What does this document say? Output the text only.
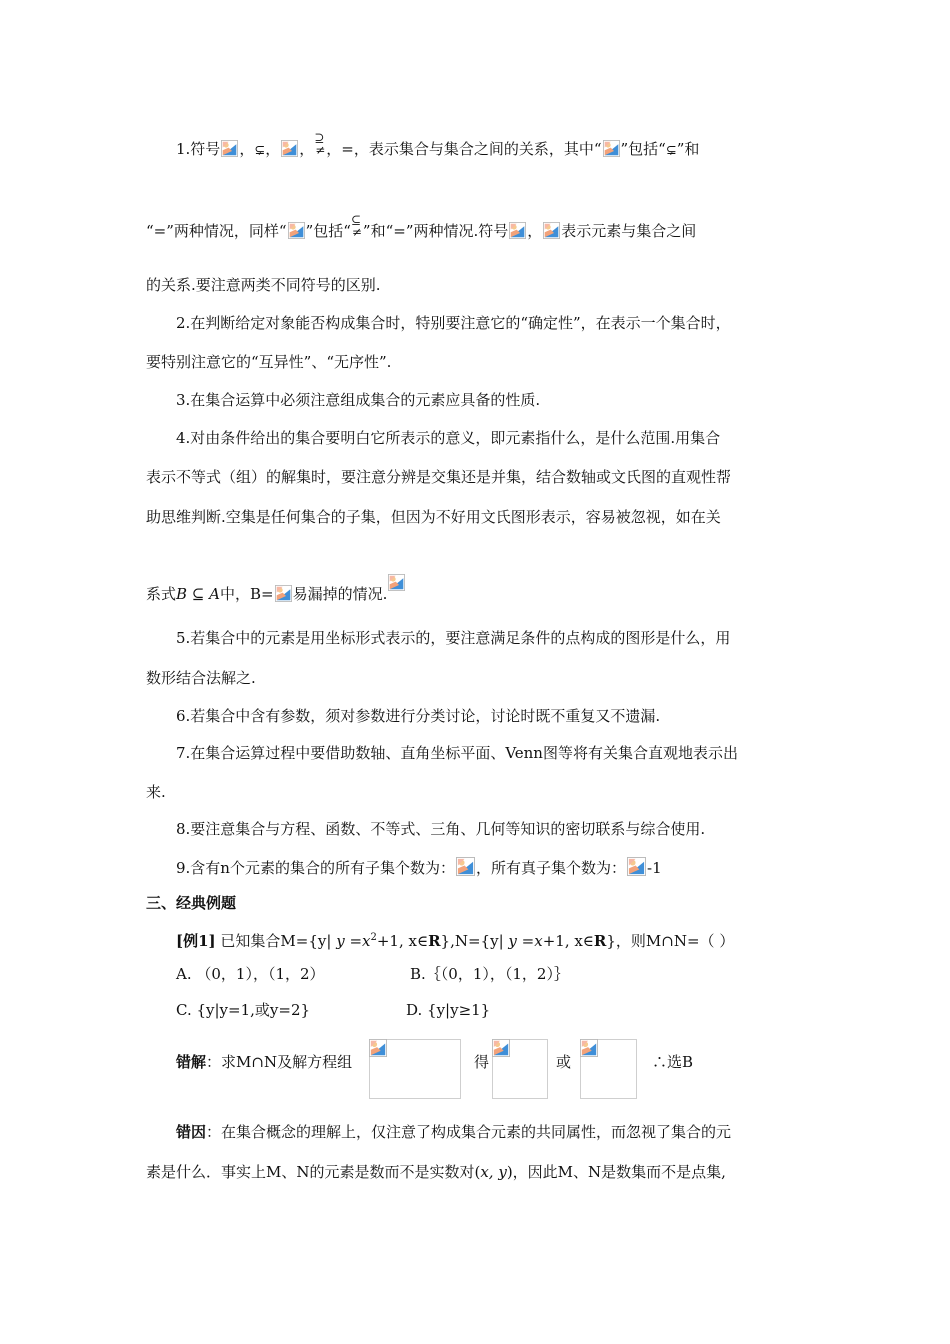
1.符号 ，⊊， ，
⊇
≠ ，=，表示集合与集合之间的关系，其中“ ”包括“⊊”和
“=”两种情况，同样“ ”包括“
⊆
≠ ”和“=”两种情况.符号 ， 表示元素与集合之间
的关系.要注意两类不同符号的区别.
2.在判断给定对象能否构成集合时，特别要注意它的“确定性”，在表示一个集合时，
要特别注意它的“互异性”、“无序性”.
3.在集合运算中必须注意组成集合的元素应具备的性质.
4.对由条件给出的集合要明白它所表示的意义，即元素指什么，是什么范围.用集合
表示不等式（组）的解集时，要注意分辨是交集还是并集，结合数轴或文氏图的直观性帮
助思维判断.空集是任何集合的子集，但因为不好用文氏图形表示，容易被忽视，如在关
系式B ⊆ A中，B= 易漏掉的情况.
5.若集合中的元素是用坐标形式表示的，要注意满足条件的点构成的图形是什么，用
数形结合法解之.
6.若集合中含有参数，须对参数进行分类讨论，讨论时既不重复又不遗漏.
7.在集合运算过程中要借助数轴、直角坐标平面、Venn图等将有关集合直观地表示出
来.
8.要注意集合与方程、函数、不等式、三角、几何等知识的密切联系与综合使用.
9.含有n个元素的集合的所有子集个数为： ，所有真子集个数为： -1
三、经典例题
[例1] 已知集合M={y| $y =x^2+1$, x∈R},N={y| y =x+1, x∈R}，则M∩N=（ ）
A. （0，1），（1，2）	B.｛（0，1），（1，2）｝
C. {y|y=1,或y=2}	D. {y|y≥1}
错解：求M∩N及解方程组	得	或	∴选B
错因：在集合概念的理解上，仅注意了构成集合元素的共同属性，而忽视了集合的元
素是什么．事实上M、N的元素是数而不是实数对(x, y)，因此M、N是数集而不是点集,
